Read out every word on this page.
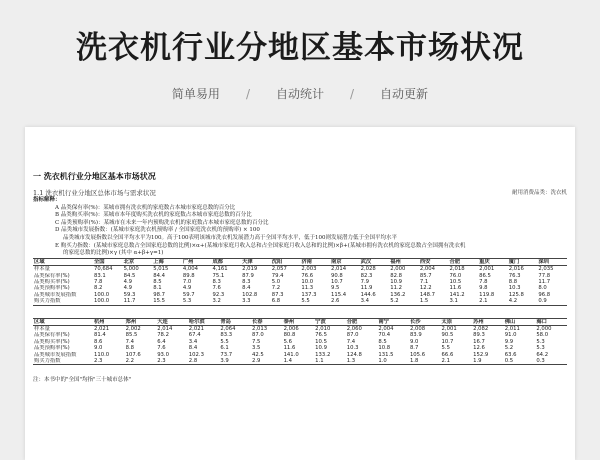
洗衣机行业分地区基本市场状况
简单易用 / 自动统计 / 自动更新
一 洗衣机行业分地区基本市场状况
1.1 洗衣机行业分地区总体市场与需求状况	耐用消费品类：洗衣机
指标解释：
A 品类保有率(%)：某城市拥有洗衣机的家庭数占本城市家庭总数的百分比
B 品类购买率(%)：某城市本年度购买洗衣机的家庭数占本城市家庭总数的百分比
C 品类预购率(%)：某城市在未来一年内预购洗衣机的家庭数占本城市家庭总数的百分比
D 品类城市发展指数：(某城市家庭洗衣机预购率 / 全国家庭洗衣机的预购率) × 100
品类城市发展指数以全国平均水平为100。高于100表明该城市洗衣机发展潜力高于全国平均水平，低于100则发展潜力低于全国平均水平
E 购买力指数：(某城市家庭总数占全国家庭总数的比例)×α+(某城市家庭月收入总和占全国家庭月收入总和的比例)×β+(某城市拥有洗衣机的家庭总数占全国拥有洗衣机
的家庭总数的比例)×γ (其中 α+β+γ=1)
区域	全国	北京	上海	广州	成都	天津	沈阳	济南	南京	武汉	福州	西安	合肥	重庆	厦门	深圳
样本量	70,684	5,000	5,015	4,004	4,161	2,019	2,057	2,003	2,014	2,028	2,000	2,004	2,018	2,001	2,016	2,035
品类保有率(%)	83.1	84.5	84.4	89.8	75.1	87.9	79.4	76.6	90.8	82.3	82.8	85.7	76.0	86.5	76.3	77.8
品类购买率(%)	7.8	4.9	8.5	7.0	8.3	8.3	5.0	10.0	10.7	7.9	10.9	7.1	10.5	7.8	8.8	11.7
品类预购率(%)	8.2	4.9	8.1	4.9	7.6	8.4	7.2	11.3	9.5	11.9	11.2	12.2	11.6	9.8	10.3	8.0
品类城市发展指数	100.0	59.3	98.7	59.7	92.3	102.8	87.3	137.3	115.4	144.6	136.2	148.7	141.2	119.8	125.8	96.8
购买力指数	100.0	11.7	15.5	5.3	3.2	3.3	6.8	5.5	2.6	3.4	5.2	1.5	3.1	2.1	4.2	0.9
区域	杭州	郑州	大连	哈尔滨	青岛	长春	泰州	宁波	合肥	南宁	长沙	太原	苏州	佛山	海口
样本量	2,021	2,002	2,014	2,021	2,064	2,013	2,006	2,010	2,060	2,004	2,008	2,001	2,082	2,011	2,000
品类保有率(%)	81.4	85.5	78.2	67.4	83.3	87.0	80.8	76.5	87.0	70.4	83.9	90.5	89.3	91.0	58.0
品类购买率(%)	8.6	7.4	6.4	3.4	5.5	7.5	5.6	10.5	7.4	8.5	9.0	10.7	16.7	9.9	5.3
品类预购率(%)	9.0	8.8	7.6	8.4	6.1	3.5	11.6	10.9	10.3	10.8	8.7	5.5	12.6	5.2	5.3
品类城市发展指数	110.0	107.6	93.0	102.3	73.7	42.5	141.0	133.2	124.8	131.5	105.6	66.6	152.9	63.6	64.2
购买力指数	2.3	2.2	2.3	2.8	3.9	2.9	1.4	1.1	1.3	1.0	1.8	2.1	1.9	0.5	0.3
注：本书中的"全国"均指"三十城市总体"
